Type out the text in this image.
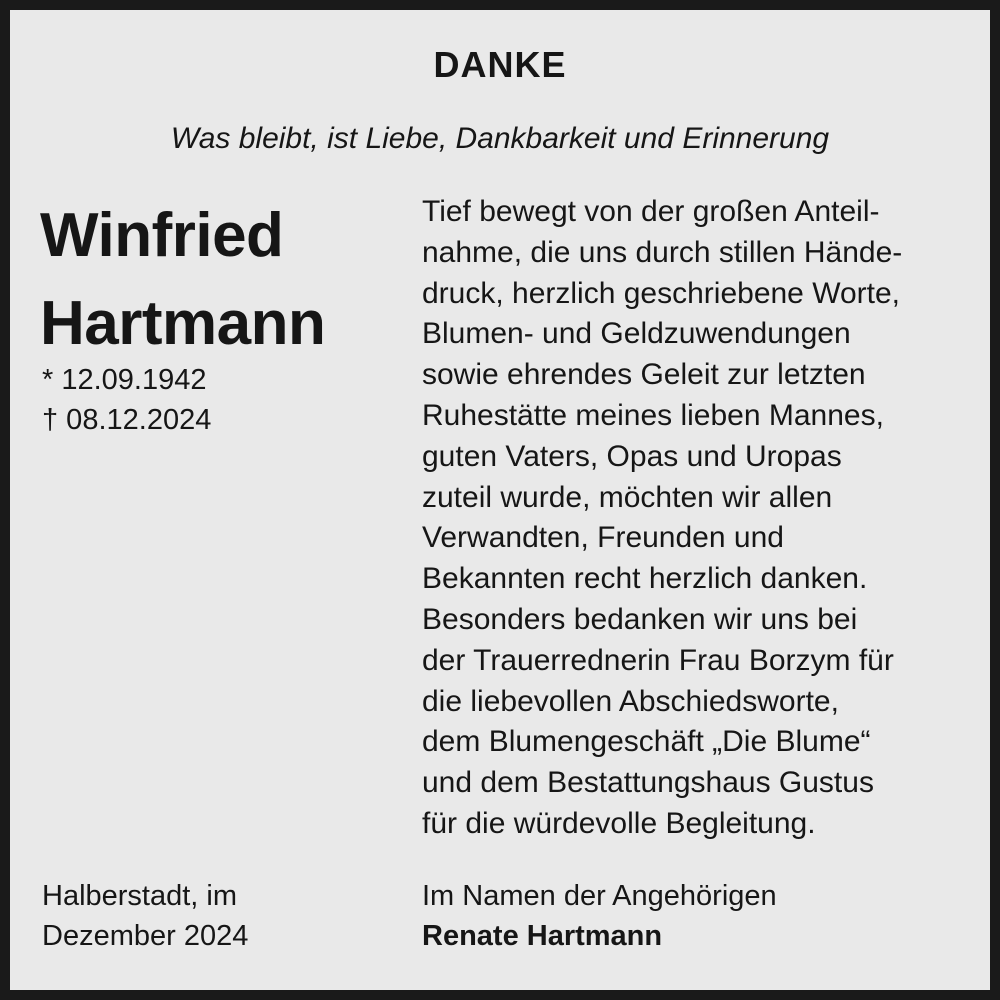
DANKE
Was bleibt, ist Liebe, Dankbarkeit und Erinnerung
Winfried
Hartmann
* 12.09.1942
† 08.12.2024
Tief bewegt von der großen Anteil-
nahme, die uns durch stillen Hände-
druck, herzlich geschriebene Worte,
Blumen- und Geldzuwendungen
sowie ehrendes Geleit zur letzten
Ruhestätte meines lieben Mannes,
guten Vaters, Opas und Uropas
zuteil wurde, möchten wir allen
Verwandten, Freunden und
Bekannten recht herzlich danken.
Besonders bedanken wir uns bei
der Trauerrednerin Frau Borzym für
die liebevollen Abschiedsworte,
dem Blumengeschäft „Die Blume“
und dem Bestattungshaus Gustus
für die würdevolle Begleitung.
Halberstadt, im
Dezember 2024
Im Namen der Angehörigen
Renate Hartmann
